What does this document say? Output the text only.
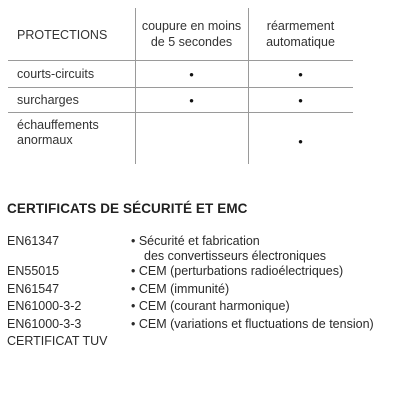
PROTECTIONS	coupure en moins de 5 secondes	réarmement automatique
courts-circuits	•	•
surcharges	•	•
échauffements anormaux		•
CERTIFICATS DE SÉCURITÉ ET EMC
EN61347	• Sécurité et fabrication
des convertisseurs électroniques
EN55015	• CEM (perturbations radioélectriques)
EN61547	• CEM (immunité)
EN61000-3-2	• CEM (courant harmonique)
EN61000-3-3	• CEM (variations et fluctuations de tension)
CERTIFICAT TUV
